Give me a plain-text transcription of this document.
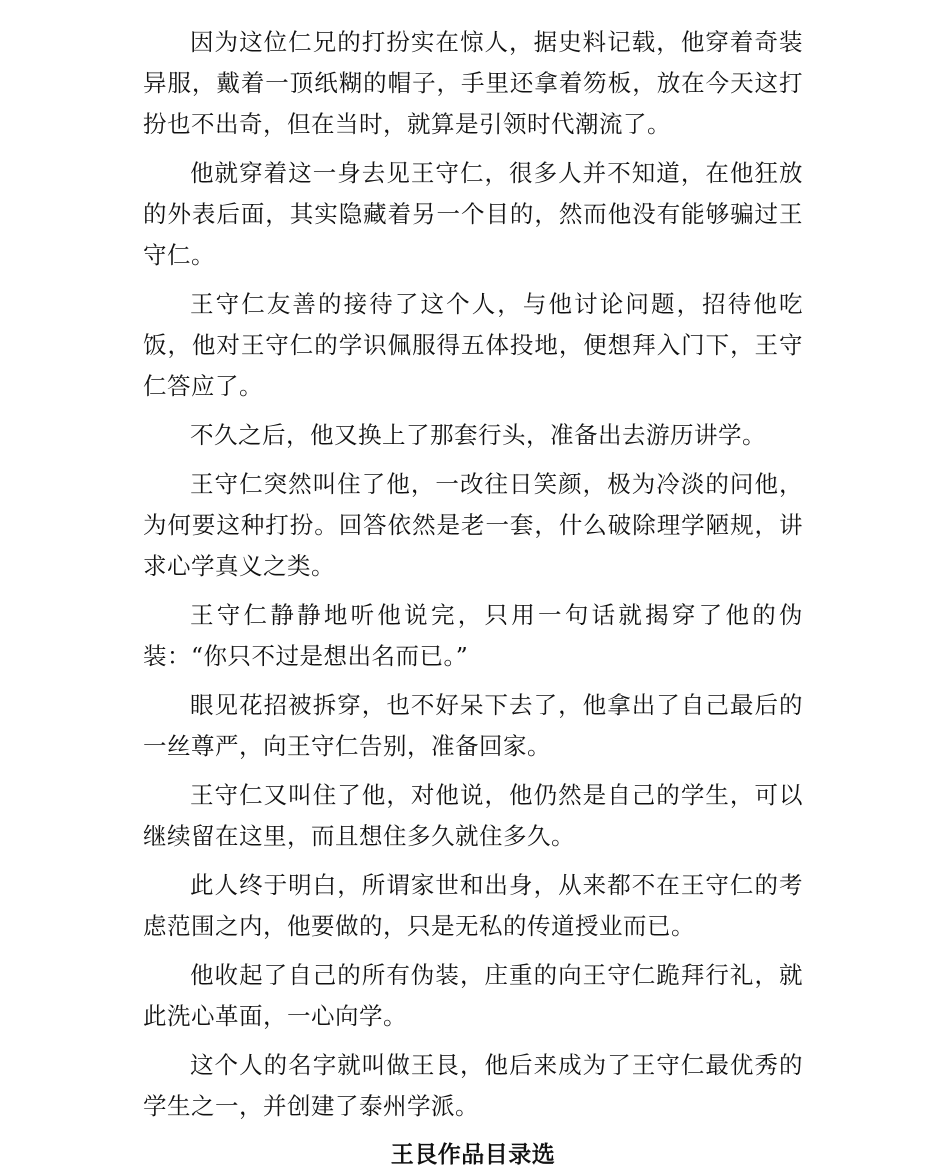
因为这位仁兄的打扮实在惊人，据史料记载，他穿着奇装异服，戴着一顶纸糊的帽子，手里还拿着笏板，放在今天这打扮也不出奇，但在当时，就算是引领时代潮流了。

他就穿着这一身去见王守仁，很多人并不知道，在他狂放的外表后面，其实隐藏着另一个目的，然而他没有能够骗过王守仁。

王守仁友善的接待了这个人，与他讨论问题，招待他吃饭，他对王守仁的学识佩服得五体投地，便想拜入门下，王守仁答应了。

不久之后，他又换上了那套行头，准备出去游历讲学。

王守仁突然叫住了他，一改往日笑颜，极为冷淡的问他，为何要这种打扮。回答依然是老一套，什么破除理学陋规，讲求心学真义之类。

王守仁静静地听他说完，只用一句话就揭穿了他的伪装：“你只不过是想出名而已。”

眼见花招被拆穿，也不好呆下去了，他拿出了自己最后的一丝尊严，向王守仁告别，准备回家。

王守仁又叫住了他，对他说，他仍然是自己的学生，可以继续留在这里，而且想住多久就住多久。

此人终于明白，所谓家世和出身，从来都不在王守仁的考虑范围之内，他要做的，只是无私的传道授业而已。

他收起了自己的所有伪装，庄重的向王守仁跪拜行礼，就此洗心革面，一心向学。

这个人的名字就叫做王艮，他后来成为了王守仁最优秀的学生之一，并创建了泰州学派。

王艮作品目录选
